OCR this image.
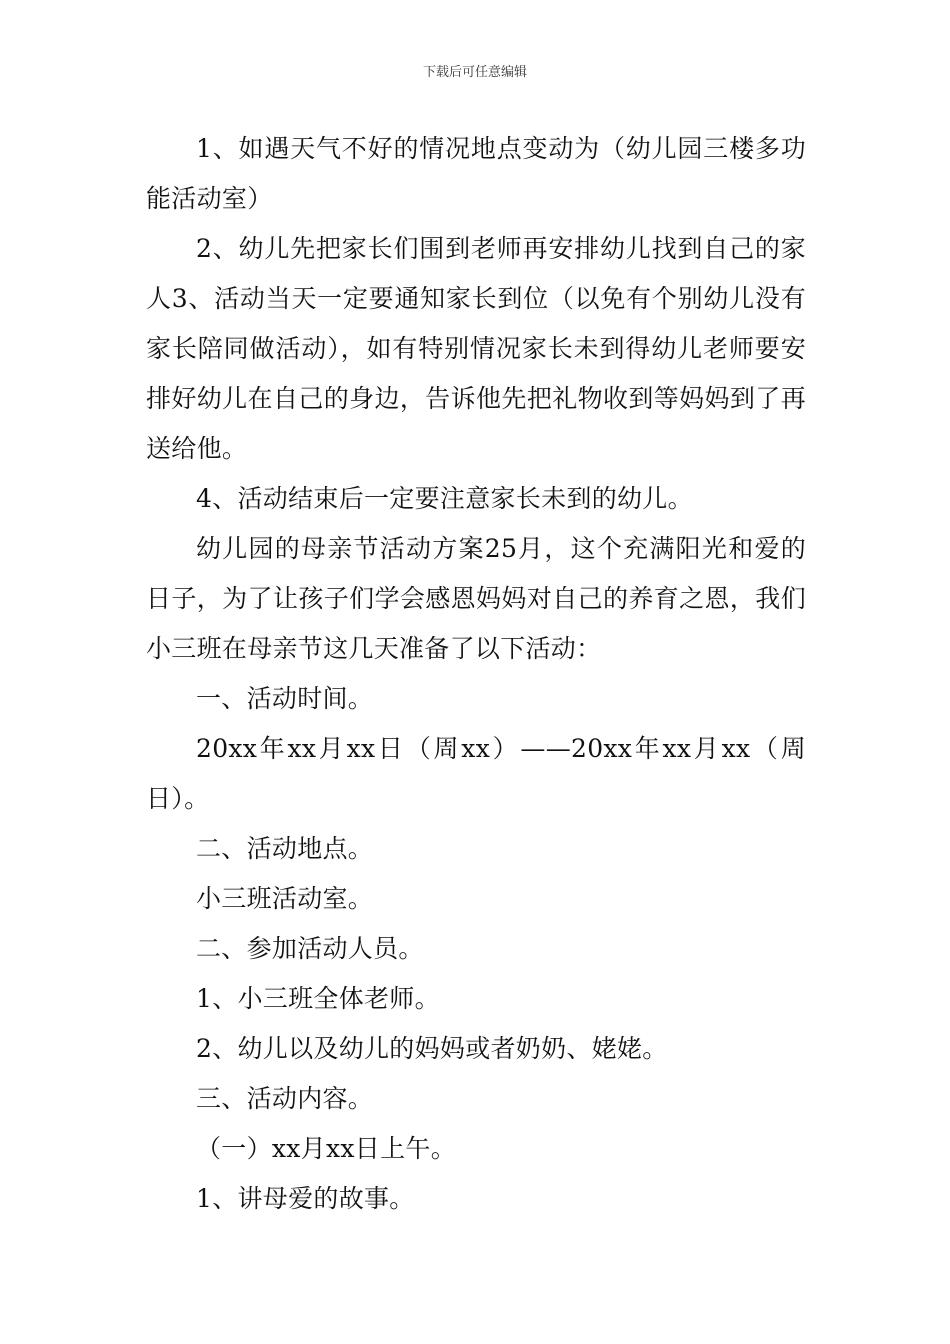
下载后可任意编辑

1、如遇天气不好的情况地点变动为（幼儿园三楼多功能活动室）

2、幼儿先把家长们围到老师再安排幼儿找到自己的家人3、活动当天一定要通知家长到位（以免有个别幼儿没有家长陪同做活动），如有特别情况家长未到得幼儿老师要安排好幼儿在自己的身边，告诉他先把礼物收到等妈妈到了再送给他。

4、活动结束后一定要注意家长未到的幼儿。

幼儿园的母亲节活动方案25月，这个充满阳光和爱的日子，为了让孩子们学会感恩妈妈对自己的养育之恩，我们小三班在母亲节这几天准备了以下活动：

一、活动时间。

20xx年xx月xx日（周xx）——20xx年xx月xx（周日）。

二、活动地点。

小三班活动室。

二、参加活动人员。

1、小三班全体老师。

2、幼儿以及幼儿的妈妈或者奶奶、姥姥。

三、活动内容。

（一）xx月xx日上午。

1、讲母爱的故事。
